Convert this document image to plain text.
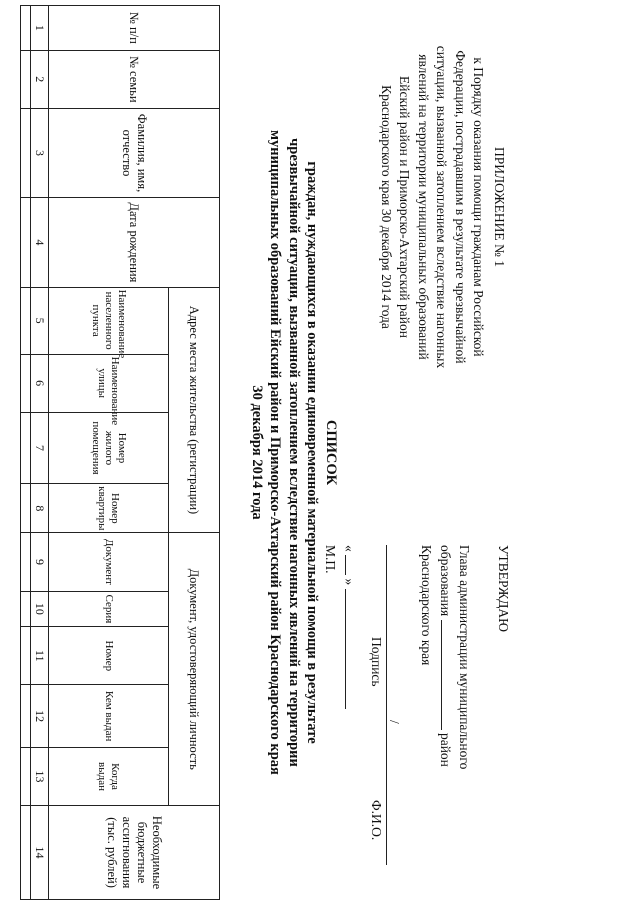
ПРИЛОЖЕНИЕ № 1
к Порядку оказания помощи гражданам Российской
Федерации, пострадавшим в результате чрезвычайной
ситуации, вызванной затоплением вследствие нагонных
явлений на территории муниципальных образований
Ейский район и Приморско-Ахтарский район
Краснодарского края 30 декабря 2014 года
УТВЕРЖДАЮ
Глава администрации муниципального
образования  район
Краснодарского края
/
Подпись
Ф.И.О.
«  »
М.П.
СПИСОК
граждан, нуждающихся в оказании единовременной материальной помощи в результате
чрезвычайной ситуации, вызванной затоплением вследствие нагонных явлений на территории
муниципальных образований Ейский район и Приморско-Ахтарский район Краснодарского края
30 декабря 2014 года
№ п/п	№ семьи	Фамилия, имя, отчество	Дата рождения	Адрес места жительства (регистрации)				Документ, удостоверяющий личность					Необходимые бюджетные ассигнования (тыс. рублей)
				Наименование населенного пункта	Наименование улицы	Номер жилого помещения	Номер квартиры	Документ	Серия	Номер	Кем выдан	Когда выдан	
1	2	3	4	5	6	7	8	9	10	11	12	13	14
